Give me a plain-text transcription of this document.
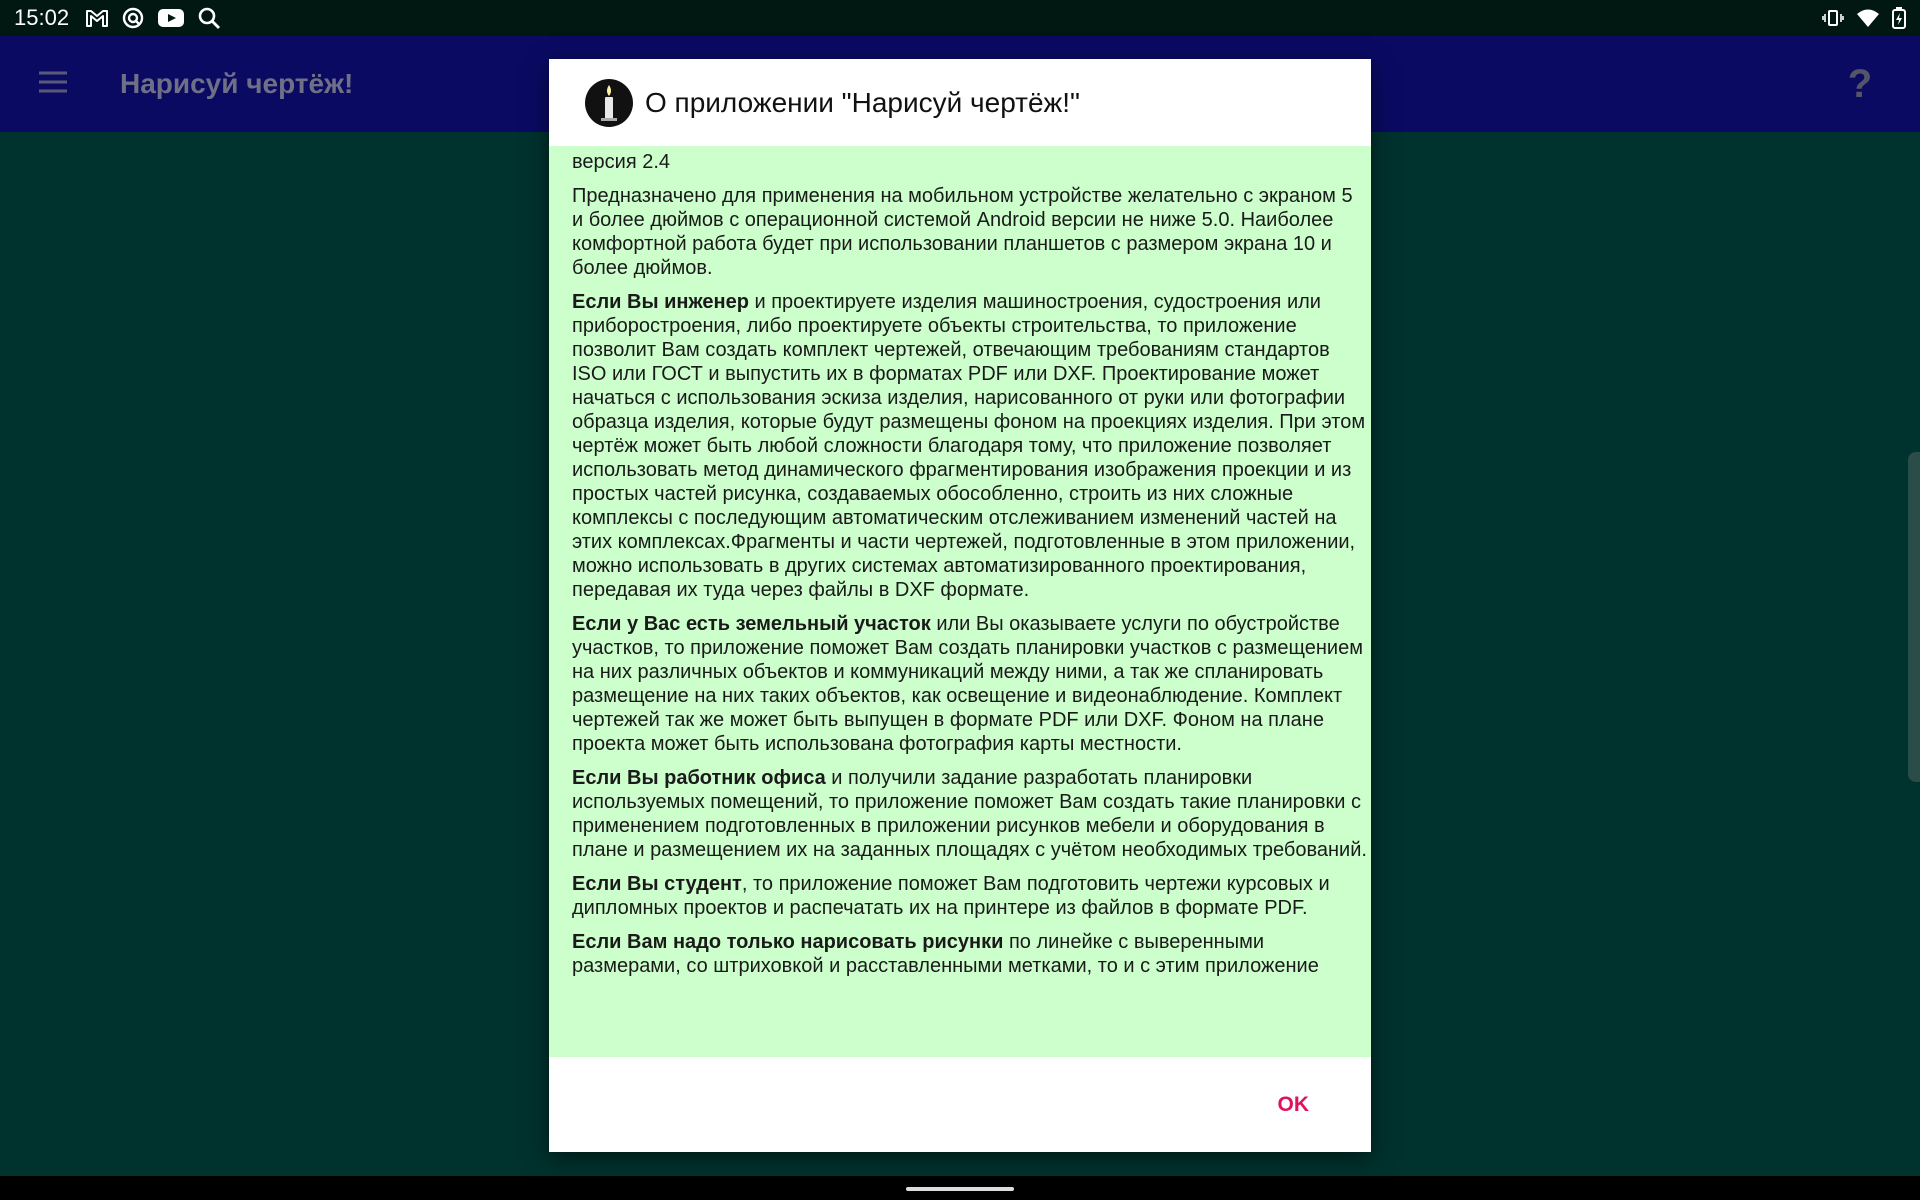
15:02
Нарисуй чертёж!	?
О приложении "Нарисуй чертёж!"

версия 2.4

Предназначено для применения на мобильном устройстве желательно с экраном 5 и более дюймов с операционной системой Android версии не ниже 5.0. Наиболее комфортной работа будет при использовании планшетов с размером экрана 10 и более дюймов.

Если Вы инженер и проектируете изделия машиностроения, судостроения или приборостроения, либо проектируете объекты строительства, то приложение позволит Вам создать комплект чертежей, отвечающим требованиям стандартов ISO или ГОСТ и выпустить их в форматах PDF или DXF. Проектирование может начаться с использования эскиза изделия, нарисованного от руки или фотографии образца изделия, которые будут размещены фоном на проекциях изделия. При этом чертёж может быть любой сложности благодаря тому, что приложение позволяет использовать метод динамического фрагментирования изображения проекции и из простых частей рисунка, создаваемых обособленно, строить из них сложные комплексы с последующим автоматическим отслеживанием изменений частей на этих комплексах.Фрагменты и части чертежей, подготовленные в этом приложении, можно использовать в других системах автоматизированного проектирования, передавая их туда через файлы в DXF формате.

Если у Вас есть земельный участок или Вы оказываете услуги по обустройстве участков, то приложение поможет Вам создать планировки участков с размещением на них различных объектов и коммуникаций между ними, а так же спланировать размещение на них таких объектов, как освещение и видеонаблюдение. Комплект чертежей так же может быть выпущен в формате PDF или DXF. Фоном на плане проекта может быть использована фотография карты местности.

Если Вы работник офиса и получили задание разработать планировки используемых помещений, то приложение поможет Вам создать такие планировки с применением подготовленных в приложении рисунков мебели и оборудования в плане и размещением их на заданных площадях с учётом необходимых требований.

Если Вы студент, то приложение поможет Вам подготовить чертежи курсовых и дипломных проектов и распечатать их на принтере из файлов в формате PDF.

Если Вам надо только нарисовать рисунки по линейке с выверенными размерами, со штриховкой и расставленными метками, то и с этим приложение

OK
